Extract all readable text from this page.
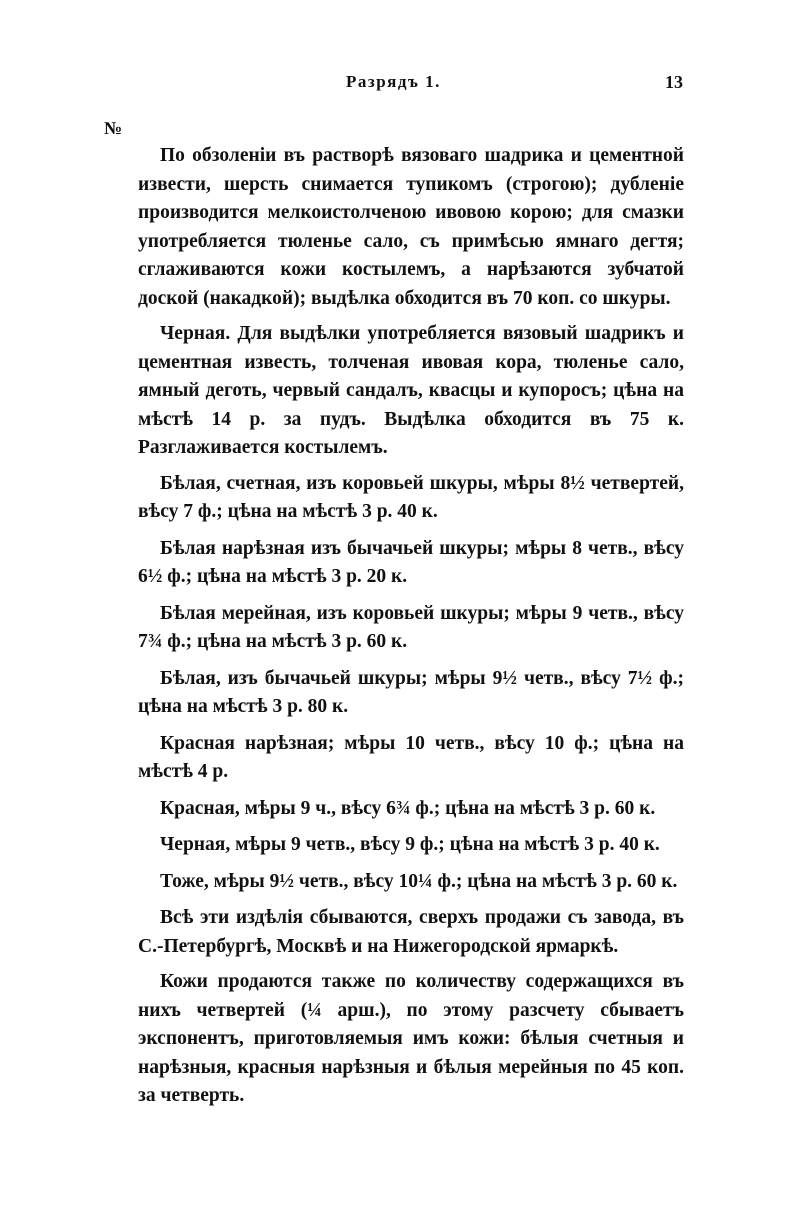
Разрядъ 1.	13
№

По обзоленіи въ растворѣ вязоваго шадрика и цементной извести, шерсть снимается тупикомъ (строгою); дубленіе производится мелкоистолченою ивовою корою; для смазки употребляется тюленье сало, съ примѣсью ямнаго дегтя; сглаживаются кожи костылемъ, а нарѣзаются зубчатой доской (накадкой); выдѣлка обходится въ 70 коп. со шкуры.

Черная. Для выдѣлки употребляется вязовый шадрикъ и цементная известь, толченая ивовая кора, тюленье сало, ямный деготь, червый сандалъ, квасцы и купоросъ; цѣна на мѣстѣ 14 р. за пудъ. Выдѣлка обходится въ 75 к. Разглаживается костылемъ.

Бѣлая, счетная, изъ коровьей шкуры, мѣры 8½ четвертей, вѣсу 7 ф.; цѣна на мѣстѣ 3 р. 40 к.

Бѣлая нарѣзная изъ бычачьей шкуры; мѣры 8 четв., вѣсу 6½ ф.; цѣна на мѣстѣ 3 р. 20 к.

Бѣлая мерейная, изъ коровьей шкуры; мѣры 9 четв., вѣсу 7¾ ф.; цѣна на мѣстѣ 3 р. 60 к.

Бѣлая, изъ бычачьей шкуры; мѣры 9½ четв., вѣсу 7½ ф.; цѣна на мѣстѣ 3 р. 80 к.

Красная нарѣзная; мѣры 10 четв., вѣсу 10 ф.; цѣна на мѣстѣ 4 р.

Красная, мѣры 9 ч., вѣсу 6¾ ф.; цѣна на мѣстѣ 3 р. 60 к.

Черная, мѣры 9 четв., вѣсу 9 ф.; цѣна на мѣстѣ 3 р. 40 к.

Тоже, мѣры 9½ четв., вѣсу 10¼ ф.; цѣна на мѣстѣ 3 р. 60 к.

Всѣ эти издѣлія сбываются, сверхъ продажи съ завода, въ С.-Петербургѣ, Москвѣ и на Нижегородской ярмаркѣ.

Кожи продаются также по количеству содержащихся въ нихъ четвертей (¼ арш.), по этому разсчету сбываетъ экспонентъ, приготовляемыя имъ кожи: бѣлыя счетныя и нарѣзныя, красныя нарѣзныя и бѣлыя мерейныя по 45 коп. за четверть.
